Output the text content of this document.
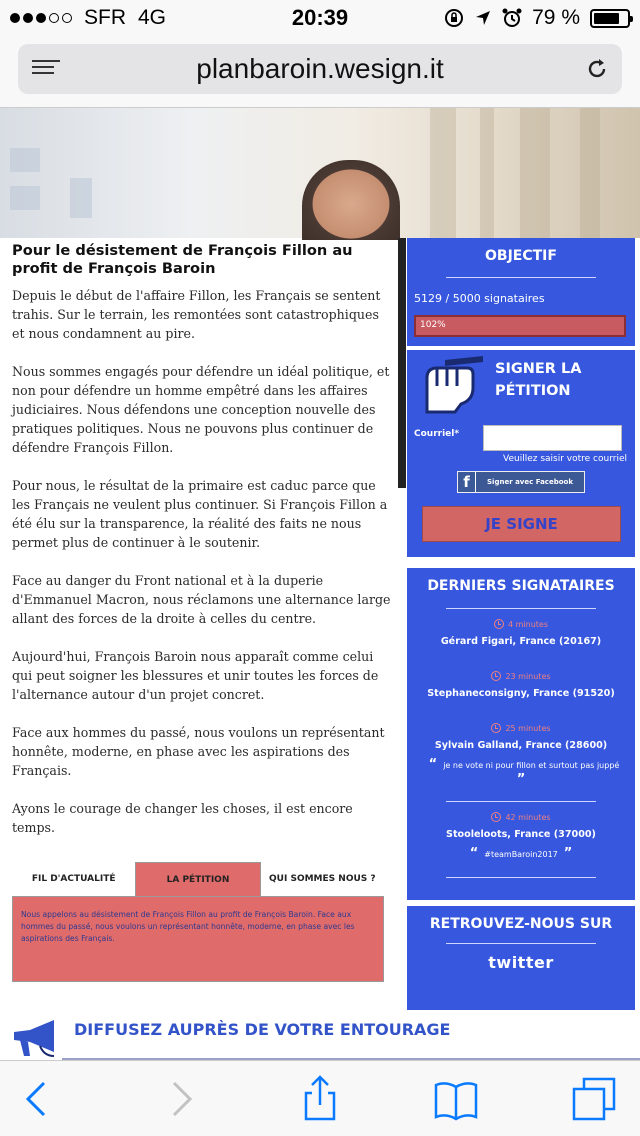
SFR 4G	20:39	79 %
planbaroin.wesign.it
Pour le désistement de François Fillon au profit de François Baroin

Depuis le début de l'affaire Fillon, les Français se sentent trahis. Sur le terrain, les remontées sont catastrophiques et nous condamnent au pire.

Nous sommes engagés pour défendre un idéal politique, et non pour défendre un homme empêtré dans les affaires judiciaires. Nous défendons une conception nouvelle des pratiques politiques. Nous ne pouvons plus continuer de défendre François Fillon.

Pour nous, le résultat de la primaire est caduc parce que les Français ne veulent plus continuer. Si François Fillon a été élu sur la transparence, la réalité des faits ne nous permet plus de continuer à le soutenir.

Face au danger du Front national et à la duperie d'Emmanuel Macron, nous réclamons une alternance large allant des forces de la droite à celles du centre.

Aujourd'hui, François Baroin nous apparaît comme celui qui peut soigner les blessures et unir toutes les forces de l'alternance autour d'un projet concret.

Face aux hommes du passé, nous voulons un représentant honnête, moderne, en phase avec les aspirations des Français.

Ayons le courage de changer les choses, il est encore temps.

FIL D'ACTUALITÉ	LA PÉTITION	QUI SOMMES NOUS ?
Nous appelons au désistement de François Fillon au profit de François Baroin. Face aux hommes du passé, nous voulons un représentant honnête, moderne, en phase avec les aspirations des Français.
OBJECTIF
5129 / 5000 signataires
102%
SIGNER LA
PÉTITION
Courriel*
Veuillez saisir votre courriel
f	Signer avec Facebook
JE SIGNE
DERNIERS SIGNATAIRES
4 minutes
Gérard Figari, France (20167)
23 minutes
Stephaneconsigny, France (91520)
25 minutes
Sylvain Galland, France (28600)
“ je ne vote ni pour fillon et surtout pas juppé
”
42 minutes
Stooleloots, France (37000)
“ #teamBaroin2017 ”
RETROUVEZ-NOUS SUR
twitter
DIFFUSEZ AUPRÈS DE VOTRE ENTOURAGE
